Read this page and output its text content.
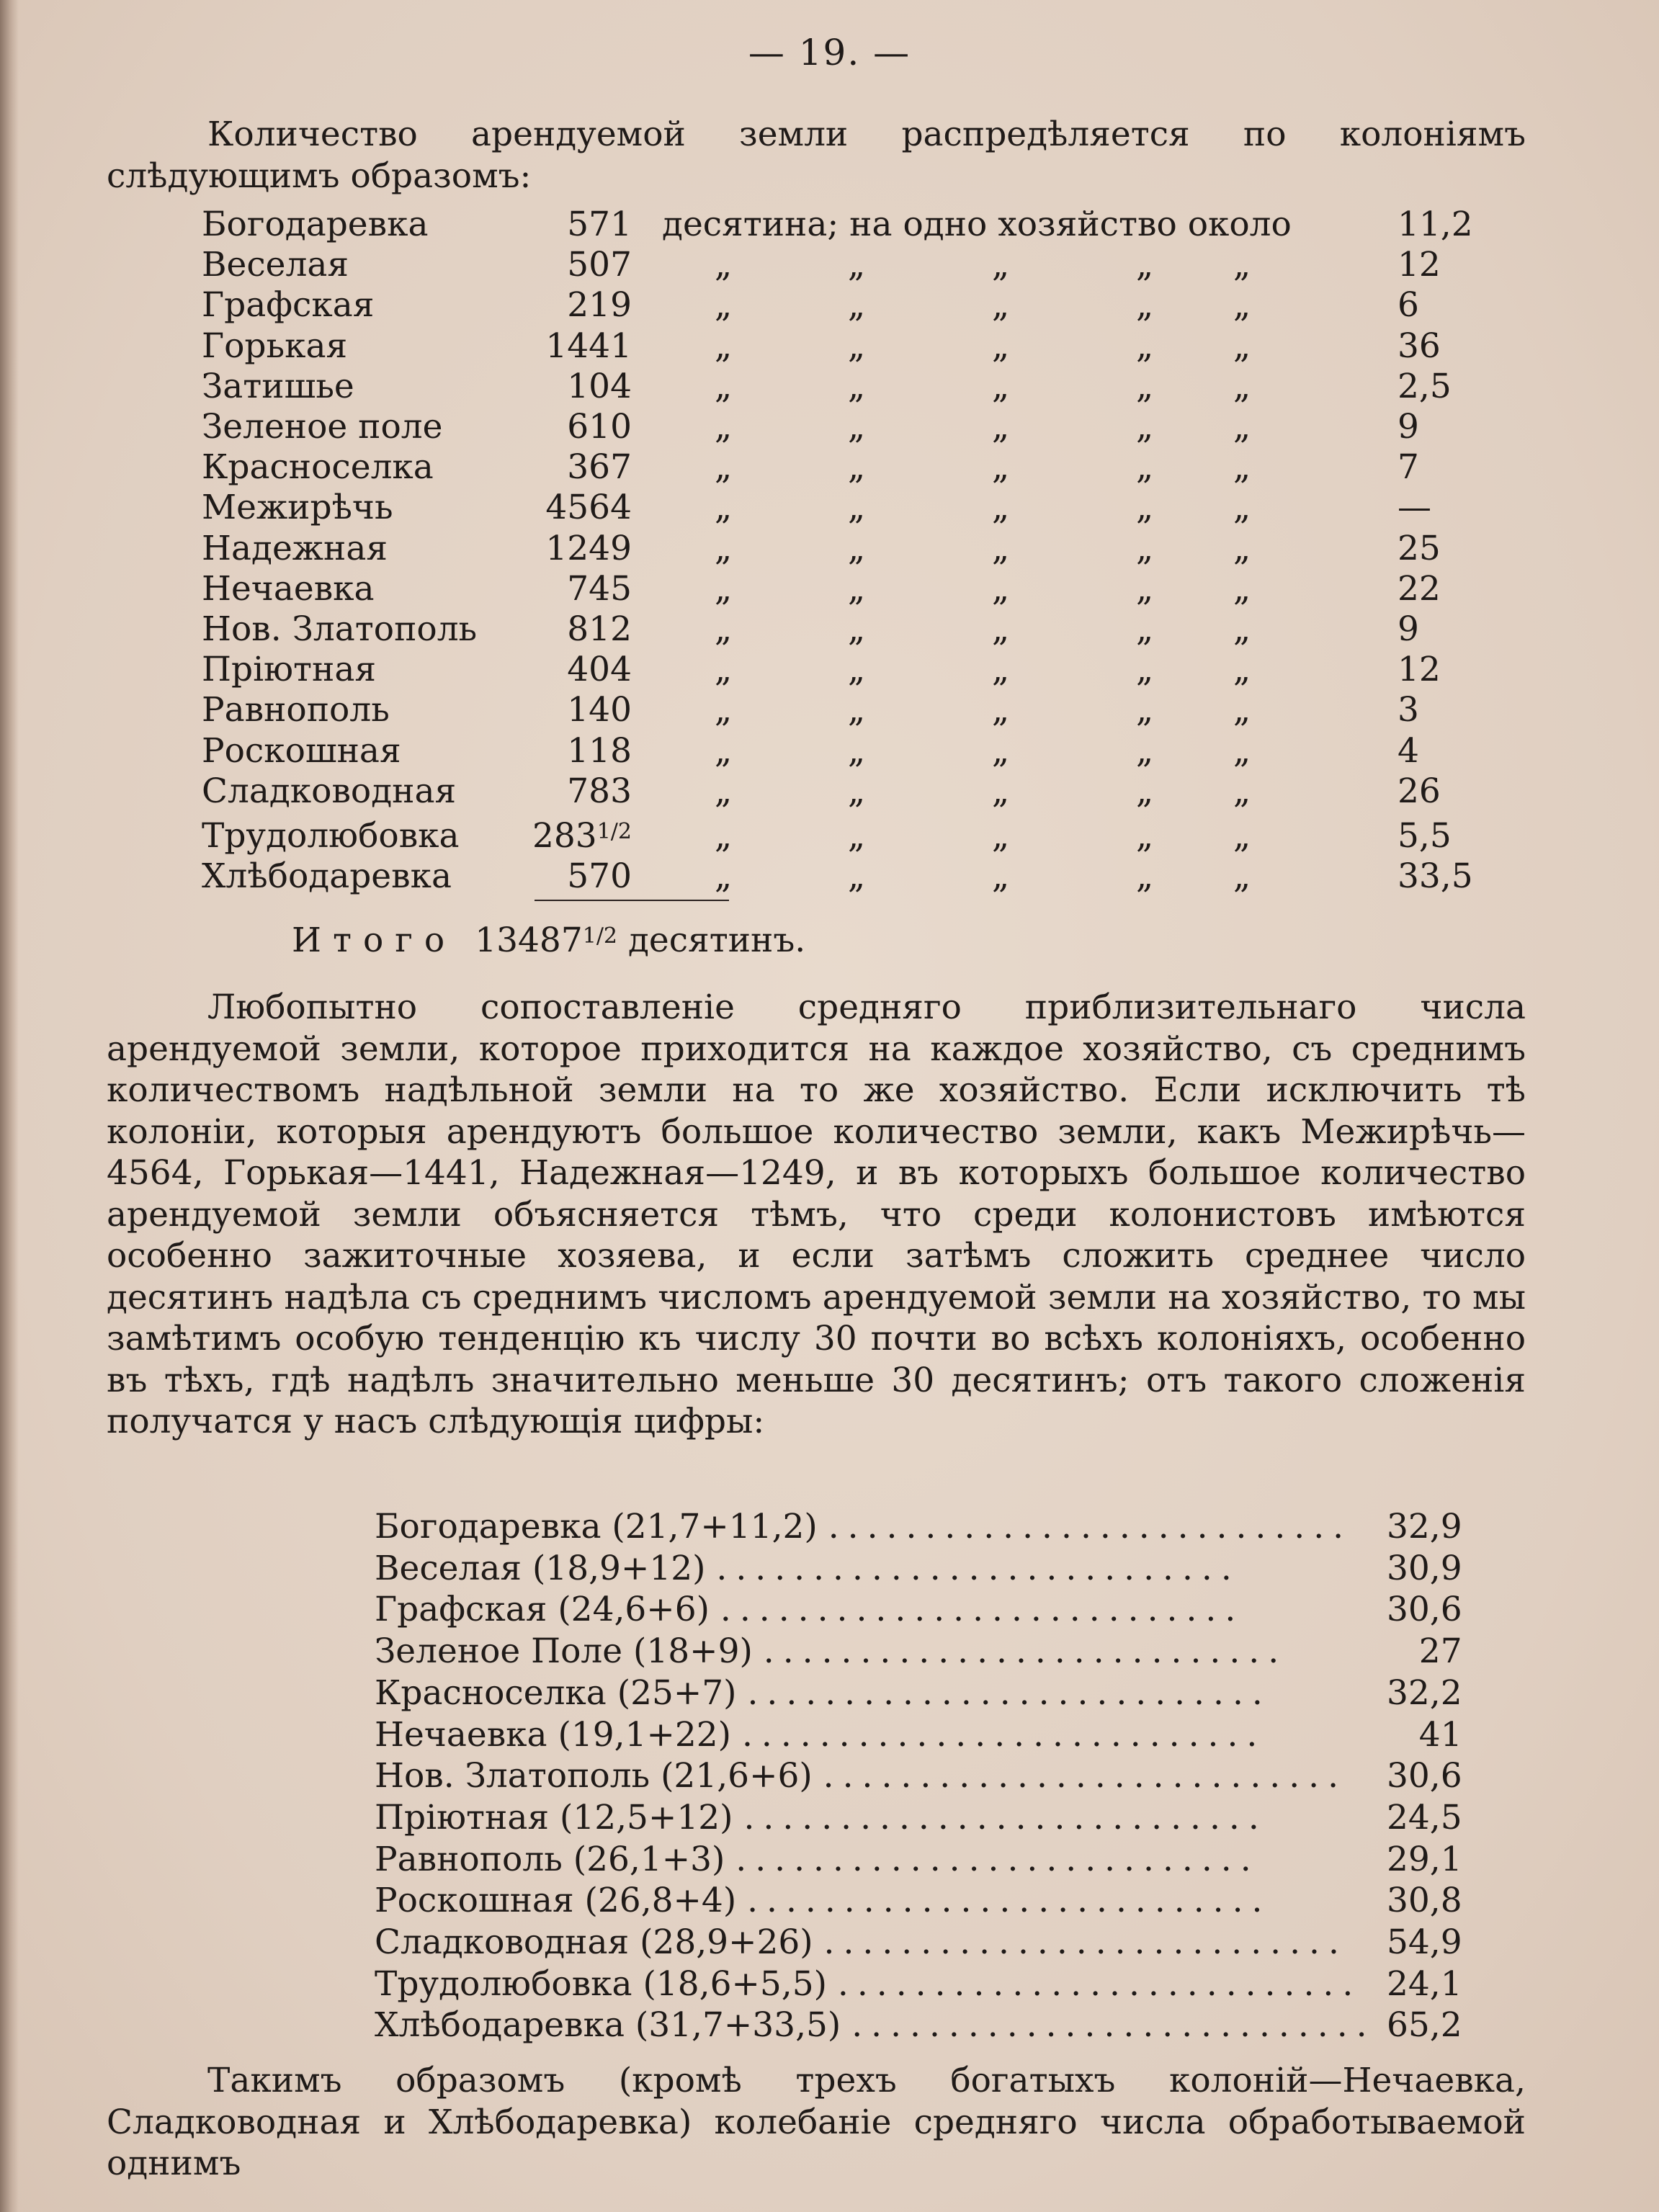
— 19. —

Количество арендуемой земли распредѣляется по колоніямъ слѣдующимъ образомъ:

Богодаревка	571	десятина; на одно хозяйство около	11,2
Веселая	507	„ „ „ „ „	12
Графская	219	„ „ „ „ „	6
Горькая	1441	„ „ „ „ „	36
Затишье	104	„ „ „ „ „	2,5
Зеленое поле	610	„ „ „ „ „	9
Красноселка	367	„ „ „ „ „	7
Межирѣчь	4564	„ „ „ „ „	—
Надежная	1249	„ „ „ „ „	25
Нечаевка	745	„ „ „ „ „	22
Нов. Златополь	812	„ „ „ „ „	9
Пріютная	404	„ „ „ „ „	12
Равнополь	140	„ „ „ „ „	3
Роскошная	118	„ „ „ „ „	4
Сладководная	783	„ „ „ „ „	26
Трудолюбовка	$283^{1/2}$	„ „ „ „ „	5,5
Хлѣбодаревка	570	„ „ „ „ „	33,5
Итого $13487^{1/2}$ десятинъ.

Любопытно сопоставленіе средняго приблизительнаго числа арендуемой земли, которое приходится на каждое хозяйство, съ среднимъ количествомъ надѣльной земли на то же хозяйство. Если исключить тѣ колоніи, которыя арендуютъ большое количество земли, какъ Межирѣчь—4564, Горькая—1441, Надежная—1249, и въ которыхъ большое количество арендуемой земли объясняется тѣмъ, что среди колонистовъ имѣются особенно зажиточные хозяева, и если затѣмъ сложить среднее число десятинъ надѣла съ среднимъ числомъ арендуемой земли на хозяйство, то мы замѣтимъ особую тенденцію къ числу 30 почти во всѣхъ колоніяхъ, особенно въ тѣхъ, гдѣ надѣлъ значительно меньше 30 десятинъ; отъ такого сложенія получатся у насъ слѣдующія цифры:

Богодаревка (21,7+11,2) ...........................	32,9
Веселая (18,9+12) ...........................	30,9
Графская (24,6+6) ...........................	30,6
Зеленое Поле (18+9) ...........................	27
Красноселка (25+7) ...........................	32,2
Нечаевка (19,1+22) ...........................	41
Нов. Златополь (21,6+6) ...........................	30,6
Пріютная (12,5+12) ...........................	24,5
Равнополь (26,1+3) ...........................	29,1
Роскошная (26,8+4) ...........................	30,8
Сладководная (28,9+26) ...........................	54,9
Трудолюбовка (18,6+5,5) ...........................	24,1
Хлѣбодаревка (31,7+33,5) ...........................	65,2

Такимъ образомъ (кромѣ трехъ богатыхъ колоній—Нечаевка, Сладководная и Хлѣбодаревка) колебаніе средняго числа обработываемой однимъ
